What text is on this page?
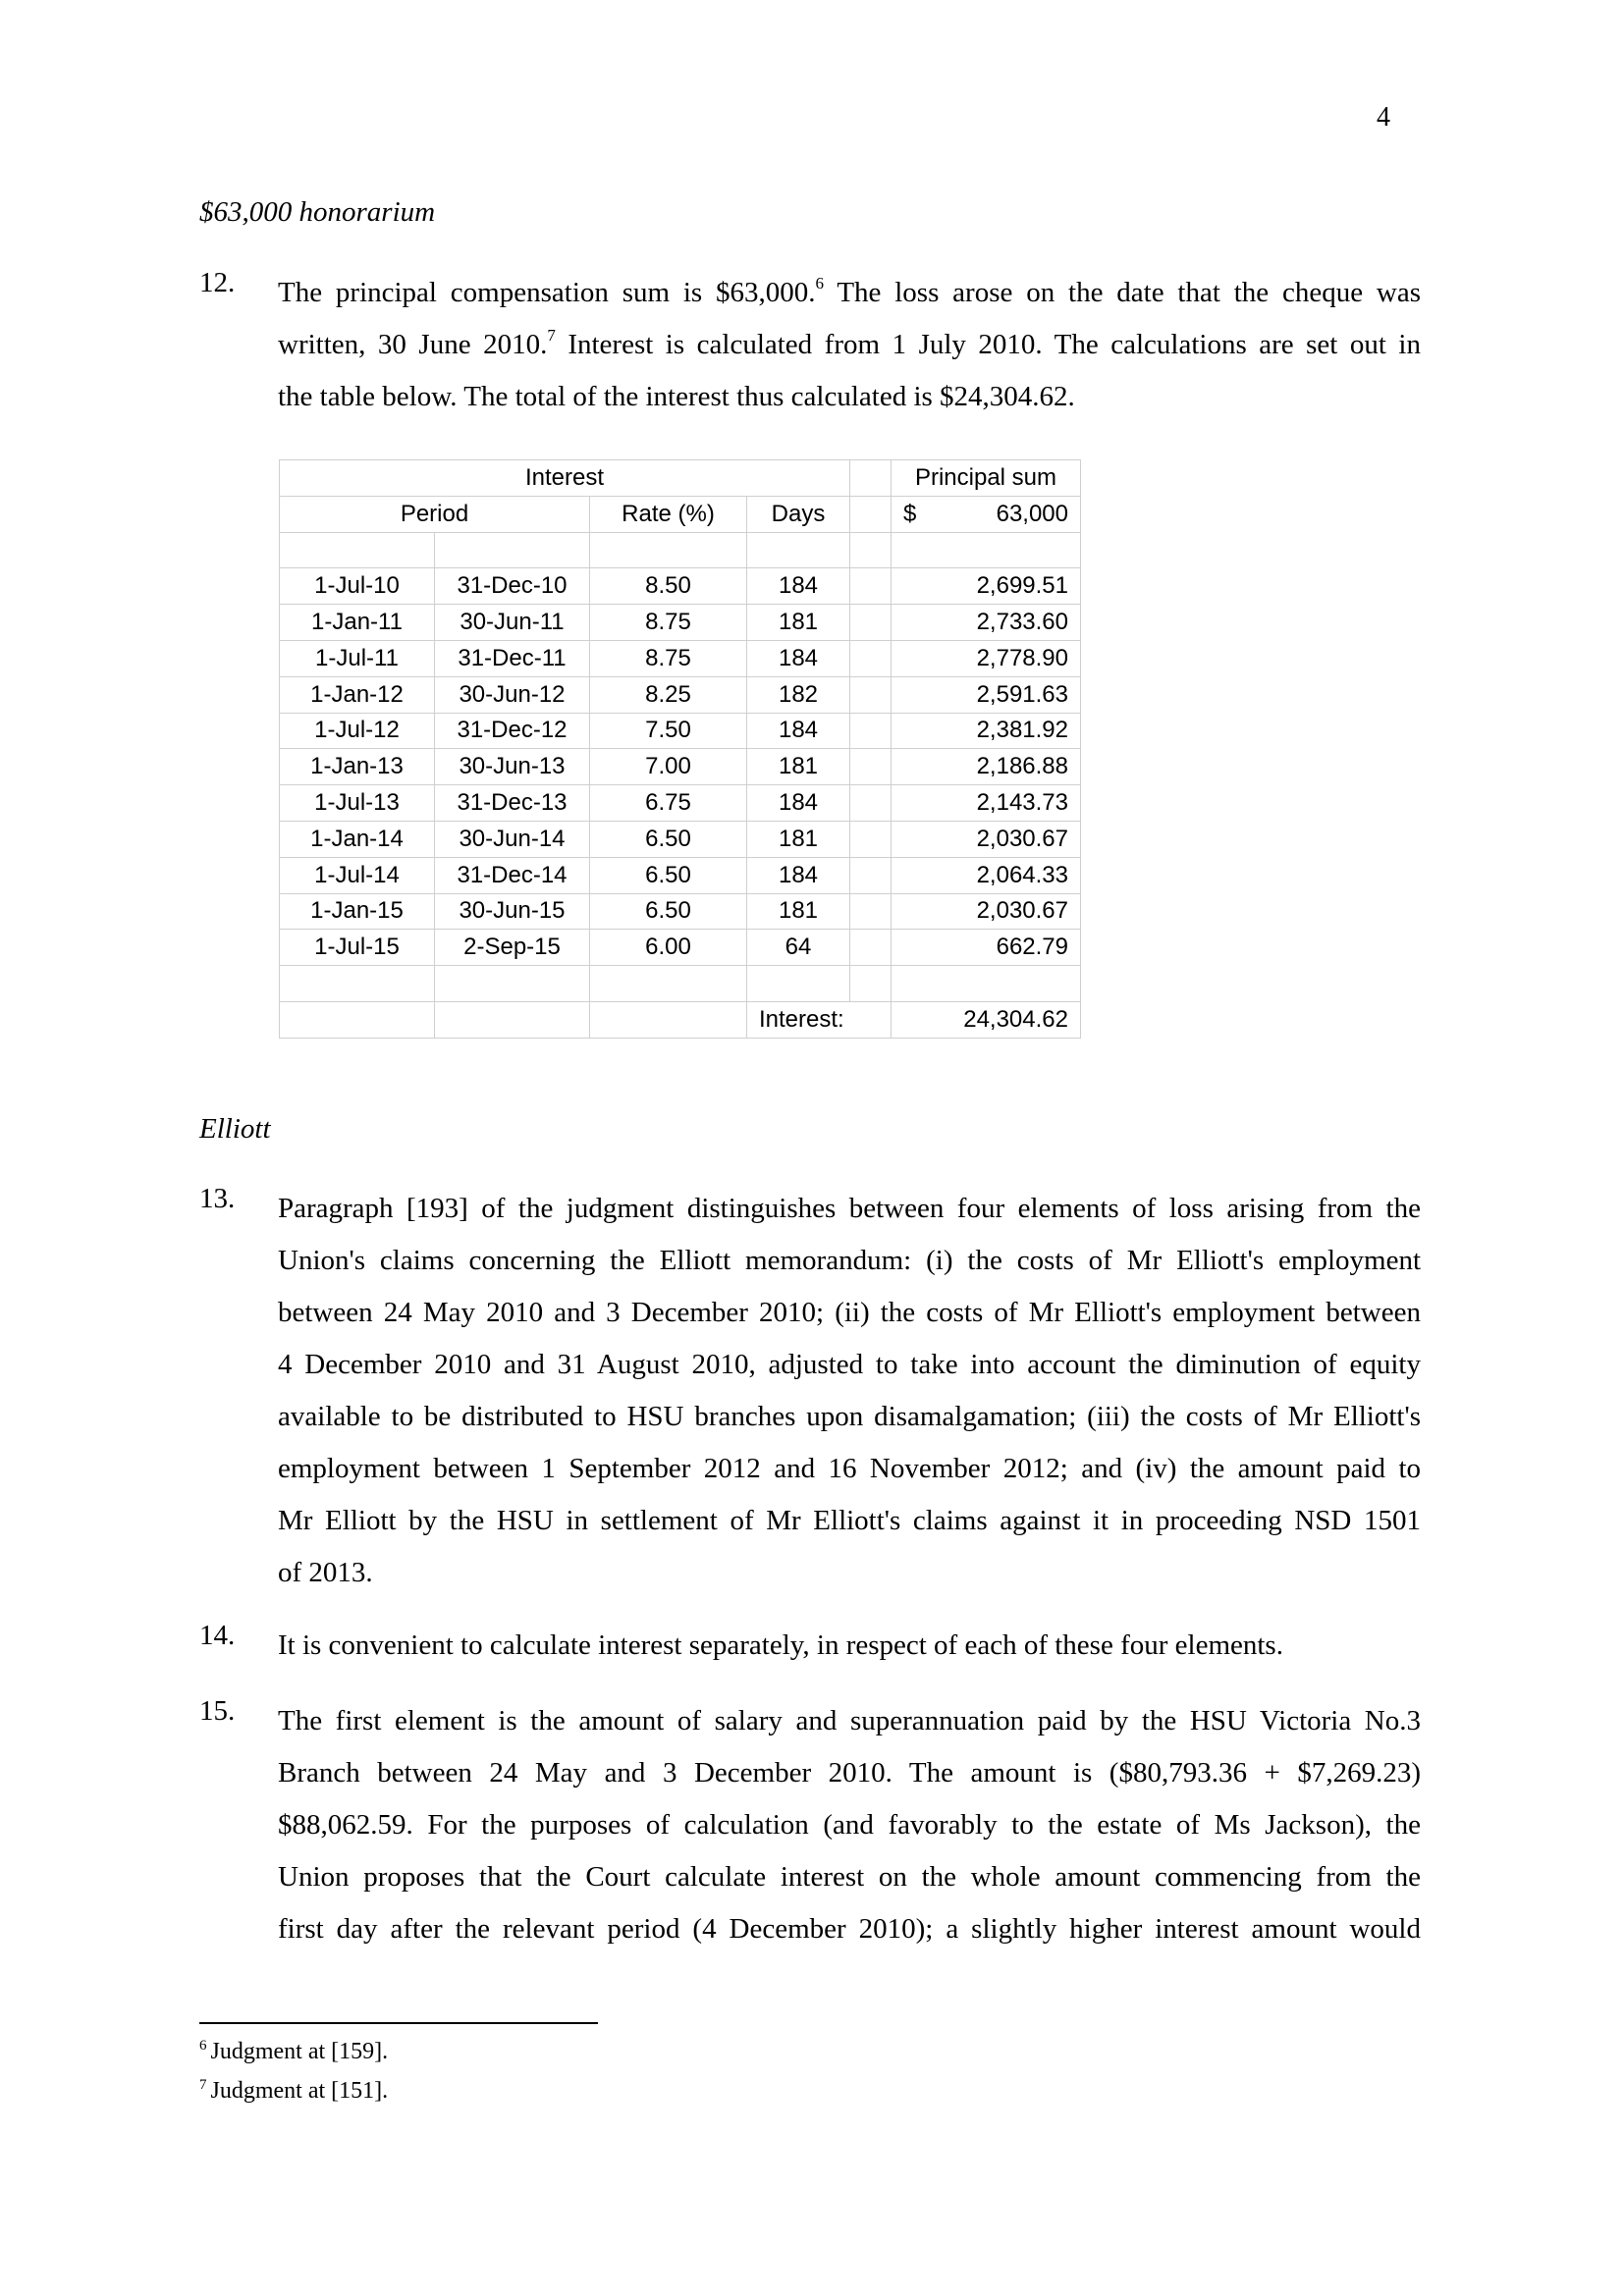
4
$63,000 honorarium
12. The principal compensation sum is $63,000.$^6$ The loss arose on the date that the cheque was
written, 30 June 2010.$^7$ Interest is calculated from 1 July 2010. The calculations are set out in
the table below. The total of the interest thus calculated is $24,304.62.
Interest					Principal sum
Period		Rate (%)	Days		$ 63,000

1-Jul-10	31-Dec-10	8.50	184		2,699.51
1-Jan-11	30-Jun-11	8.75	181		2,733.60
1-Jul-11	31-Dec-11	8.75	184		2,778.90
1-Jan-12	30-Jun-12	8.25	182		2,591.63
1-Jul-12	31-Dec-12	7.50	184		2,381.92
1-Jan-13	30-Jun-13	7.00	181		2,186.88
1-Jul-13	31-Dec-13	6.75	184		2,143.73
1-Jan-14	30-Jun-14	6.50	181		2,030.67
1-Jul-14	31-Dec-14	6.50	184		2,064.33
1-Jan-15	30-Jun-15	6.50	181		2,030.67
1-Jul-15	2-Sep-15	6.00	64		662.79

			Interest:		24,304.62
Elliott
13. Paragraph [193] of the judgment distinguishes between four elements of loss arising from the
Union's claims concerning the Elliott memorandum: (i) the costs of Mr Elliott's employment
between 24 May 2010 and 3 December 2010; (ii) the costs of Mr Elliott's employment between
4 December 2010 and 31 August 2010, adjusted to take into account the diminution of equity
available to be distributed to HSU branches upon disamalgamation; (iii) the costs of Mr Elliott's
employment between 1 September 2012 and 16 November 2012; and (iv) the amount paid to
Mr Elliott by the HSU in settlement of Mr Elliott's claims against it in proceeding NSD 1501
of 2013.
14. It is convenient to calculate interest separately, in respect of each of these four elements.
15. The first element is the amount of salary and superannuation paid by the HSU Victoria No.3
Branch between 24 May and 3 December 2010. The amount is ($80,793.36 + $7,269.23)
$88,062.59. For the purposes of calculation (and favorably to the estate of Ms Jackson), the
Union proposes that the Court calculate interest on the whole amount commencing from the
first day after the relevant period (4 December 2010); a slightly higher interest amount would
$^6$ Judgment at [159].
$^7$ Judgment at [151].
